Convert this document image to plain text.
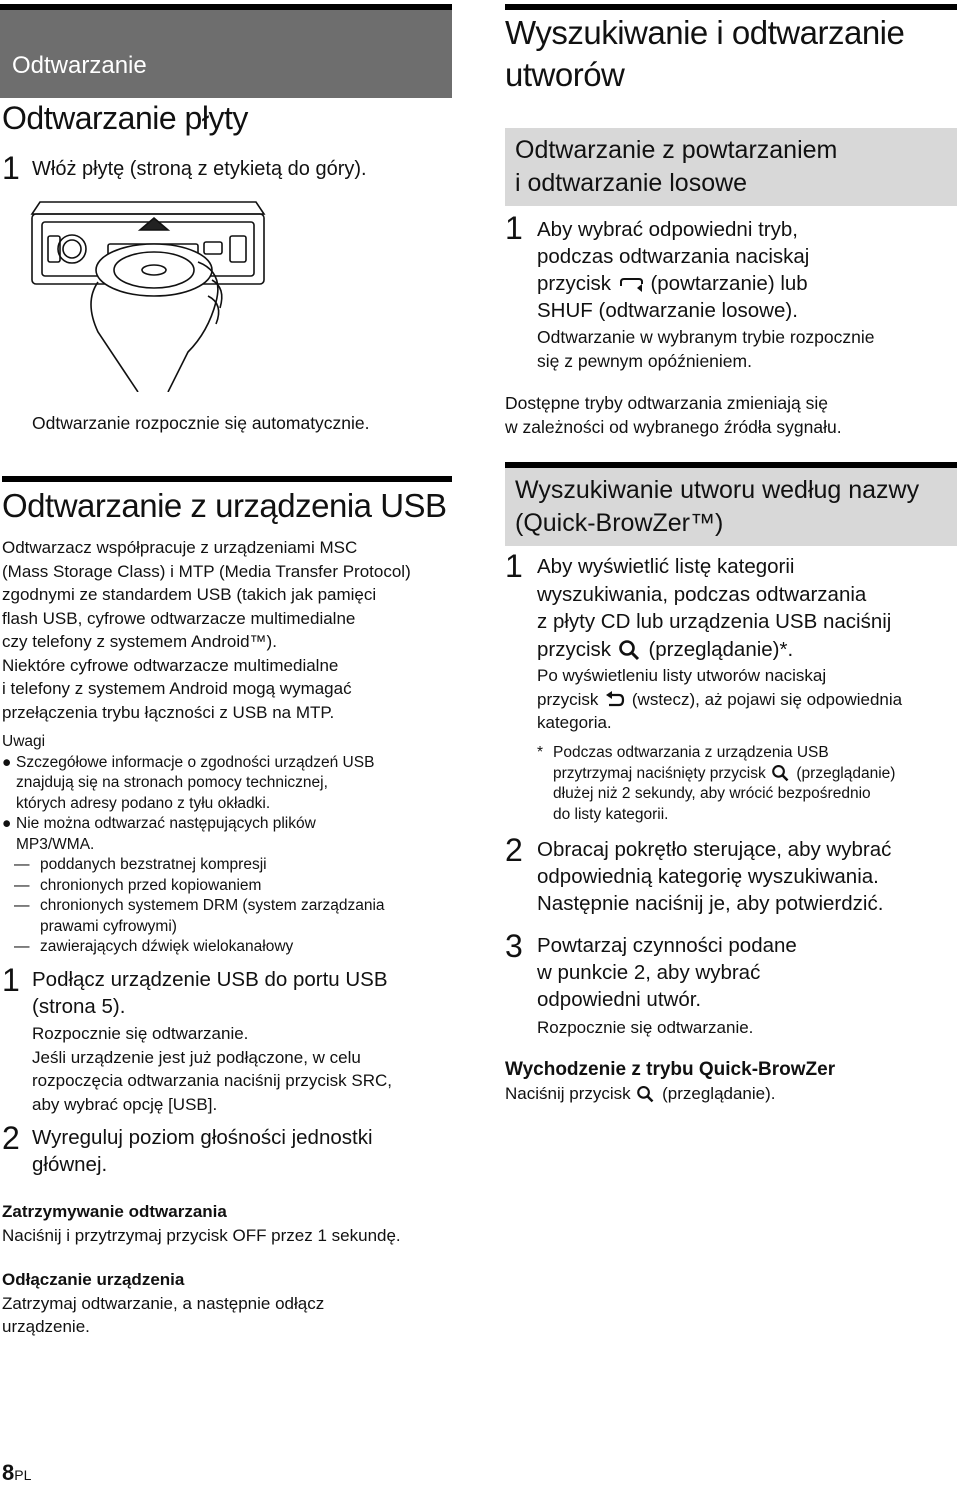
Odtwarzanie
Odtwarzanie płyty
1 Włóż płytę (stroną z etykietą do góry).
Odtwarzanie rozpocznie się automatycznie.
Odtwarzanie z urządzenia USB
Odtwarzacz współpracuje z urządzeniami MSC
(Mass Storage Class) i MTP (Media Transfer Protocol)
zgodnymi ze standardem USB (takich jak pamięci
flash USB, cyfrowe odtwarzacze multimedialne
czy telefony z systemem Android™).
Niektóre cyfrowe odtwarzacze multimedialne
i telefony z systemem Android mogą wymagać
przełączenia trybu łączności z USB na MTP.
Uwagi
● Szczegółowe informacje o zgodności urządzeń USB
znajdują się na stronach pomocy technicznej,
których adresy podano z tyłu okładki.
● Nie można odtwarzać następujących plików
MP3/WMA.
— poddanych bezstratnej kompresji
— chronionych przed kopiowaniem
— chronionych systemem DRM (system zarządzania
prawami cyfrowymi)
— zawierających dźwięk wielokanałowy
1 Podłącz urządzenie USB do portu USB
(strona 5).
Rozpocznie się odtwarzanie.
Jeśli urządzenie jest już podłączone, w celu
rozpoczęcia odtwarzania naciśnij przycisk SRC,
aby wybrać opcję [USB].
2 Wyreguluj poziom głośności jednostki
głównej.
Zatrzymywanie odtwarzania
Naciśnij i przytrzymaj przycisk OFF przez 1 sekundę.
Odłączanie urządzenia
Zatrzymaj odtwarzanie, a następnie odłącz
urządzenie.
8PL
Wyszukiwanie i odtwarzanie
utworów
Odtwarzanie z powtarzaniem
i odtwarzanie losowe
1 Aby wybrać odpowiedni tryb,
podczas odtwarzania naciskaj
przycisk (powtarzanie) lub
SHUF (odtwarzanie losowe).
Odtwarzanie w wybranym trybie rozpocznie
się z pewnym opóźnieniem.
Dostępne tryby odtwarzania zmieniają się
w zależności od wybranego źródła sygnału.
Wyszukiwanie utworu według nazwy
(Quick-BrowZer™)
1 Aby wyświetlić listę kategorii
wyszukiwania, podczas odtwarzania
z płyty CD lub urządzenia USB naciśnij
przycisk (przeglądanie)*.
Po wyświetleniu listy utworów naciskaj
przycisk (wstecz), aż pojawi się odpowiednia
kategoria.
* Podczas odtwarzania z urządzenia USB
przytrzymaj naciśnięty przycisk (przeglądanie)
dłużej niż 2 sekundy, aby wrócić bezpośrednio
do listy kategorii.
2 Obracaj pokrętło sterujące, aby wybrać
odpowiednią kategorię wyszukiwania.
Następnie naciśnij je, aby potwierdzić.
3 Powtarzaj czynności podane
w punkcie 2, aby wybrać
odpowiedni utwór.
Rozpocznie się odtwarzanie.
Wychodzenie z trybu Quick-BrowZer
Naciśnij przycisk (przeglądanie).
